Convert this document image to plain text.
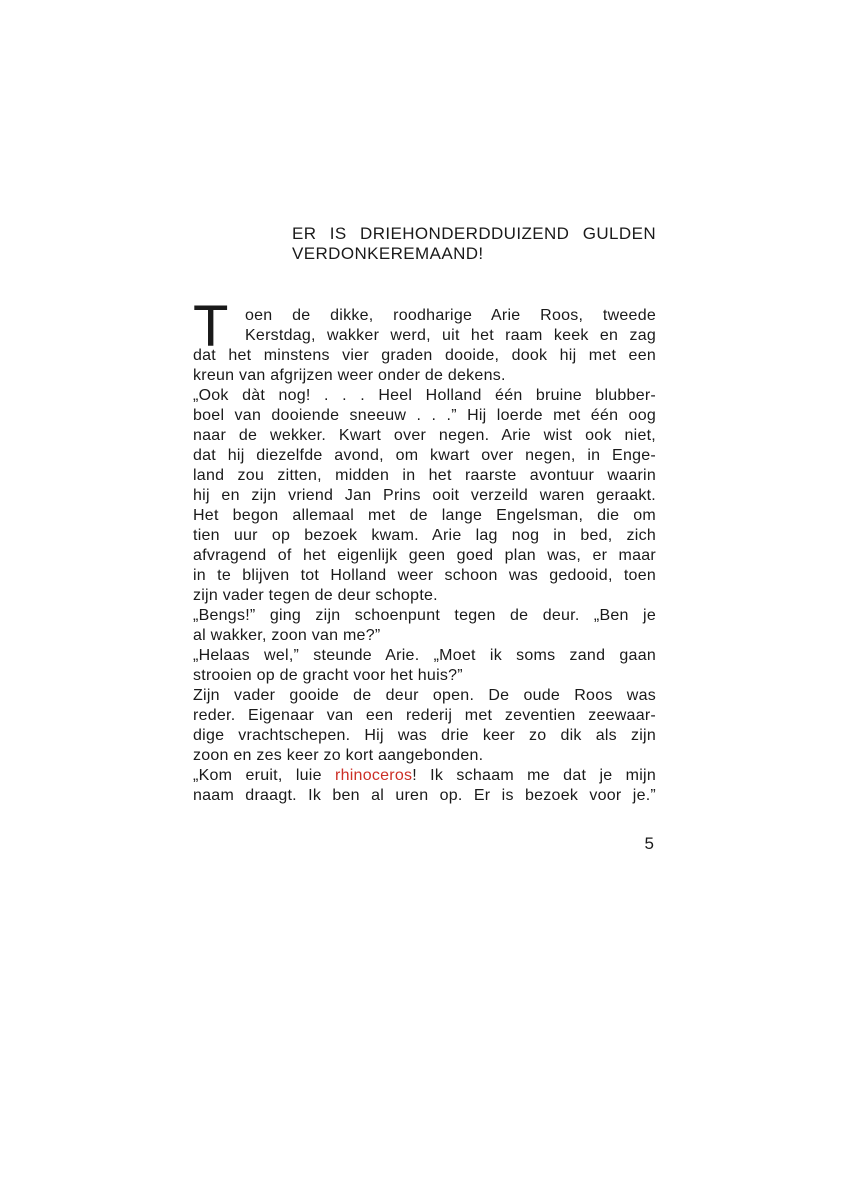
ER IS DRIEHONDERDDUIZEND GULDEN
VERDONKEREMAAND!
T	oen de dikke, roodharige Arie Roos, tweede
Kerstdag, wakker werd, uit het raam keek en zag
dat het minstens vier graden dooide, dook hij met een
kreun van afgrijzen weer onder de dekens.
„Ook dàt nog! . . . Heel Holland één bruine blubber-
boel van dooiende sneeuw . . .” Hij loerde met één oog
naar de wekker. Kwart over negen. Arie wist ook niet,
dat hij diezelfde avond, om kwart over negen, in Enge-
land zou zitten, midden in het raarste avontuur waarin
hij en zijn vriend Jan Prins ooit verzeild waren geraakt.
Het begon allemaal met de lange Engelsman, die om
tien uur op bezoek kwam. Arie lag nog in bed, zich
afvragend of het eigenlijk geen goed plan was, er maar
in te blijven tot Holland weer schoon was gedooid, toen
zijn vader tegen de deur schopte.
„Bengs!” ging zijn schoenpunt tegen de deur. „Ben je
al wakker, zoon van me?”
„Helaas wel,” steunde Arie. „Moet ik soms zand gaan
strooien op de gracht voor het huis?”
Zijn vader gooide de deur open. De oude Roos was
reder. Eigenaar van een rederij met zeventien zeewaar-
dige vrachtschepen. Hij was drie keer zo dik als zijn
zoon en zes keer zo kort aangebonden.
„Kom eruit, luie rhinoceros! Ik schaam me dat je mijn
naam draagt. Ik ben al uren op. Er is bezoek voor je.”
5
